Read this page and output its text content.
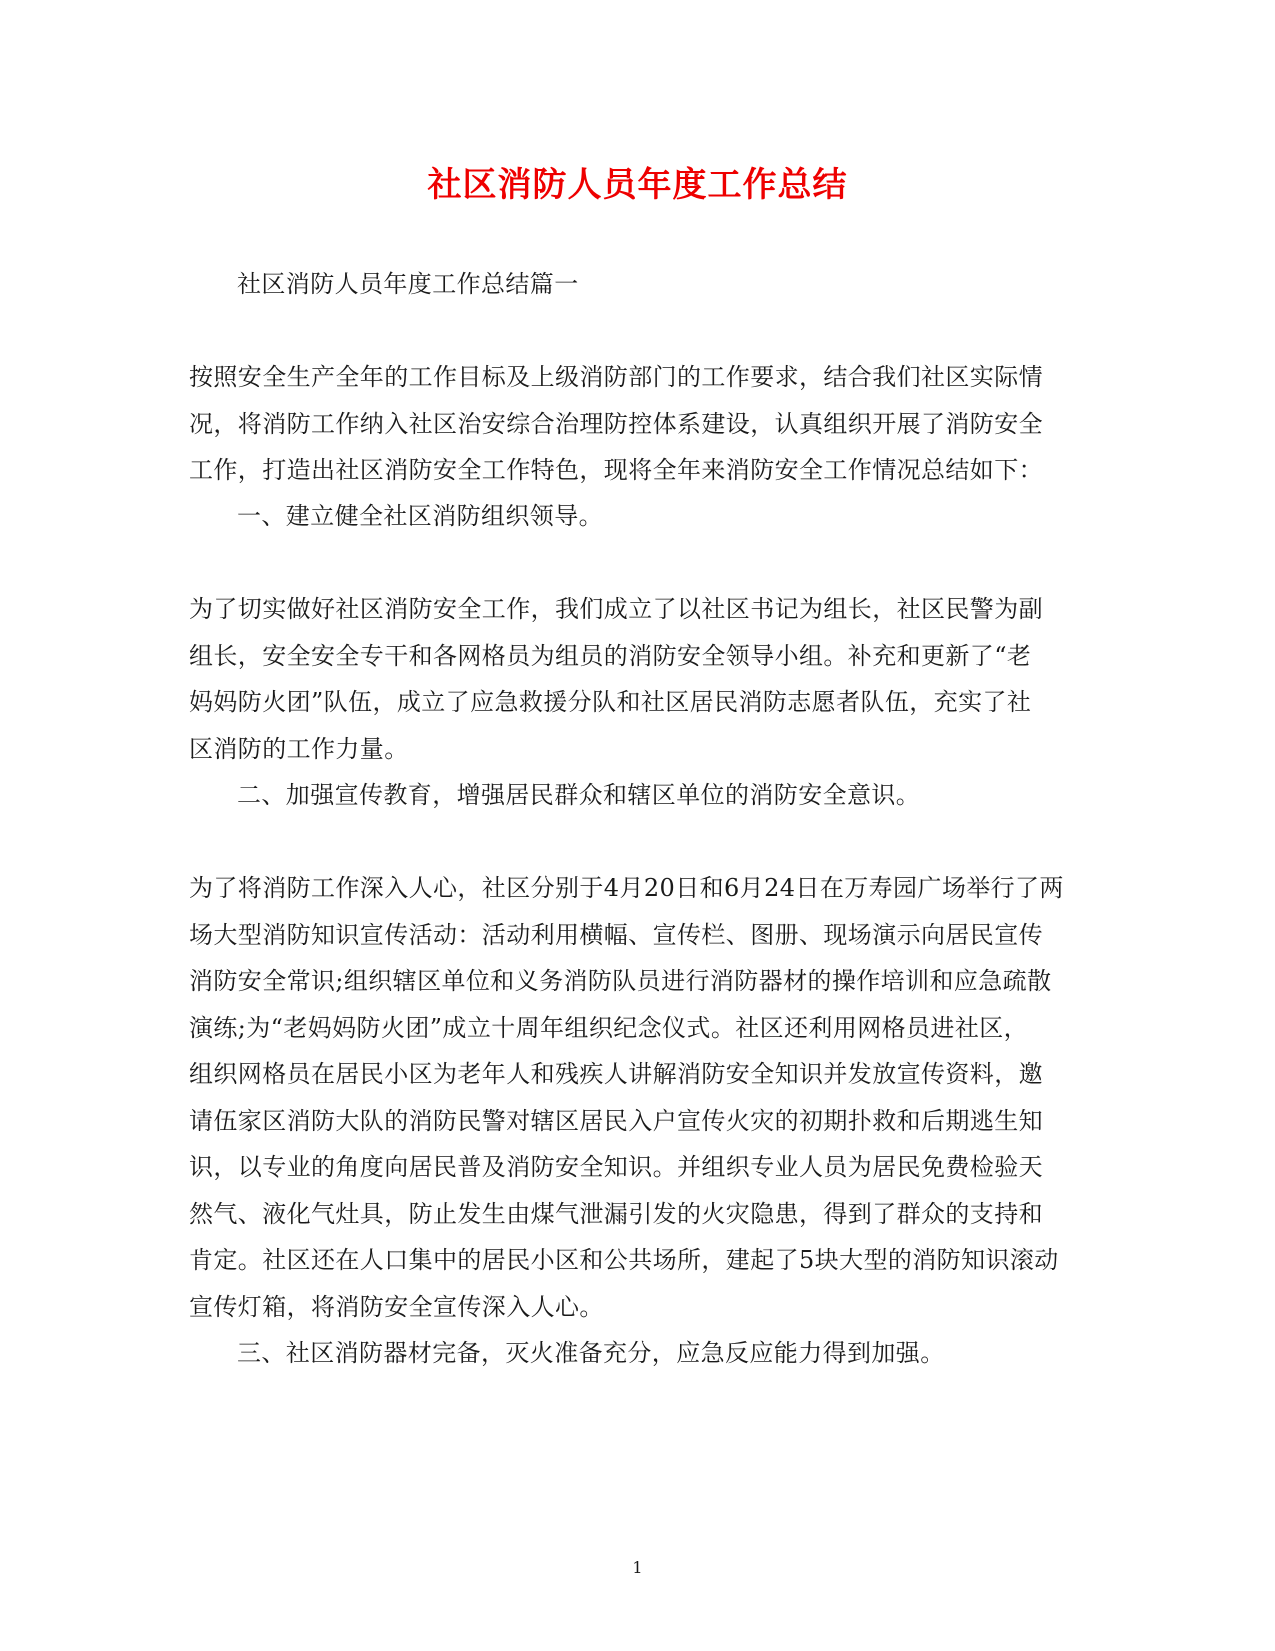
社区消防人员年度工作总结
社区消防人员年度工作总结篇一
按照安全生产全年的工作目标及上级消防部门的工作要求，结合我们社区实际情
况，将消防工作纳入社区治安综合治理防控体系建设，认真组织开展了消防安全
工作，打造出社区消防安全工作特色，现将全年来消防安全工作情况总结如下：
一、建立健全社区消防组织领导。
为了切实做好社区消防安全工作，我们成立了以社区书记为组长，社区民警为副
组长，安全安全专干和各网格员为组员的消防安全领导小组。补充和更新了“老
妈妈防火团”队伍，成立了应急救援分队和社区居民消防志愿者队伍，充实了社
区消防的工作力量。
二、加强宣传教育，增强居民群众和辖区单位的消防安全意识。
为了将消防工作深入人心，社区分别于4月20日和6月24日在万寿园广场举行了两
场大型消防知识宣传活动：活动利用横幅、宣传栏、图册、现场演示向居民宣传
消防安全常识;组织辖区单位和义务消防队员进行消防器材的操作培训和应急疏散
演练;为“老妈妈防火团”成立十周年组织纪念仪式。社区还利用网格员进社区，
组织网格员在居民小区为老年人和残疾人讲解消防安全知识并发放宣传资料，邀
请伍家区消防大队的消防民警对辖区居民入户宣传火灾的初期扑救和后期逃生知
识，以专业的角度向居民普及消防安全知识。并组织专业人员为居民免费检验天
然气、液化气灶具，防止发生由煤气泄漏引发的火灾隐患，得到了群众的支持和
肯定。社区还在人口集中的居民小区和公共场所，建起了5块大型的消防知识滚动
宣传灯箱，将消防安全宣传深入人心。
三、社区消防器材完备，灭火准备充分，应急反应能力得到加强。
1
